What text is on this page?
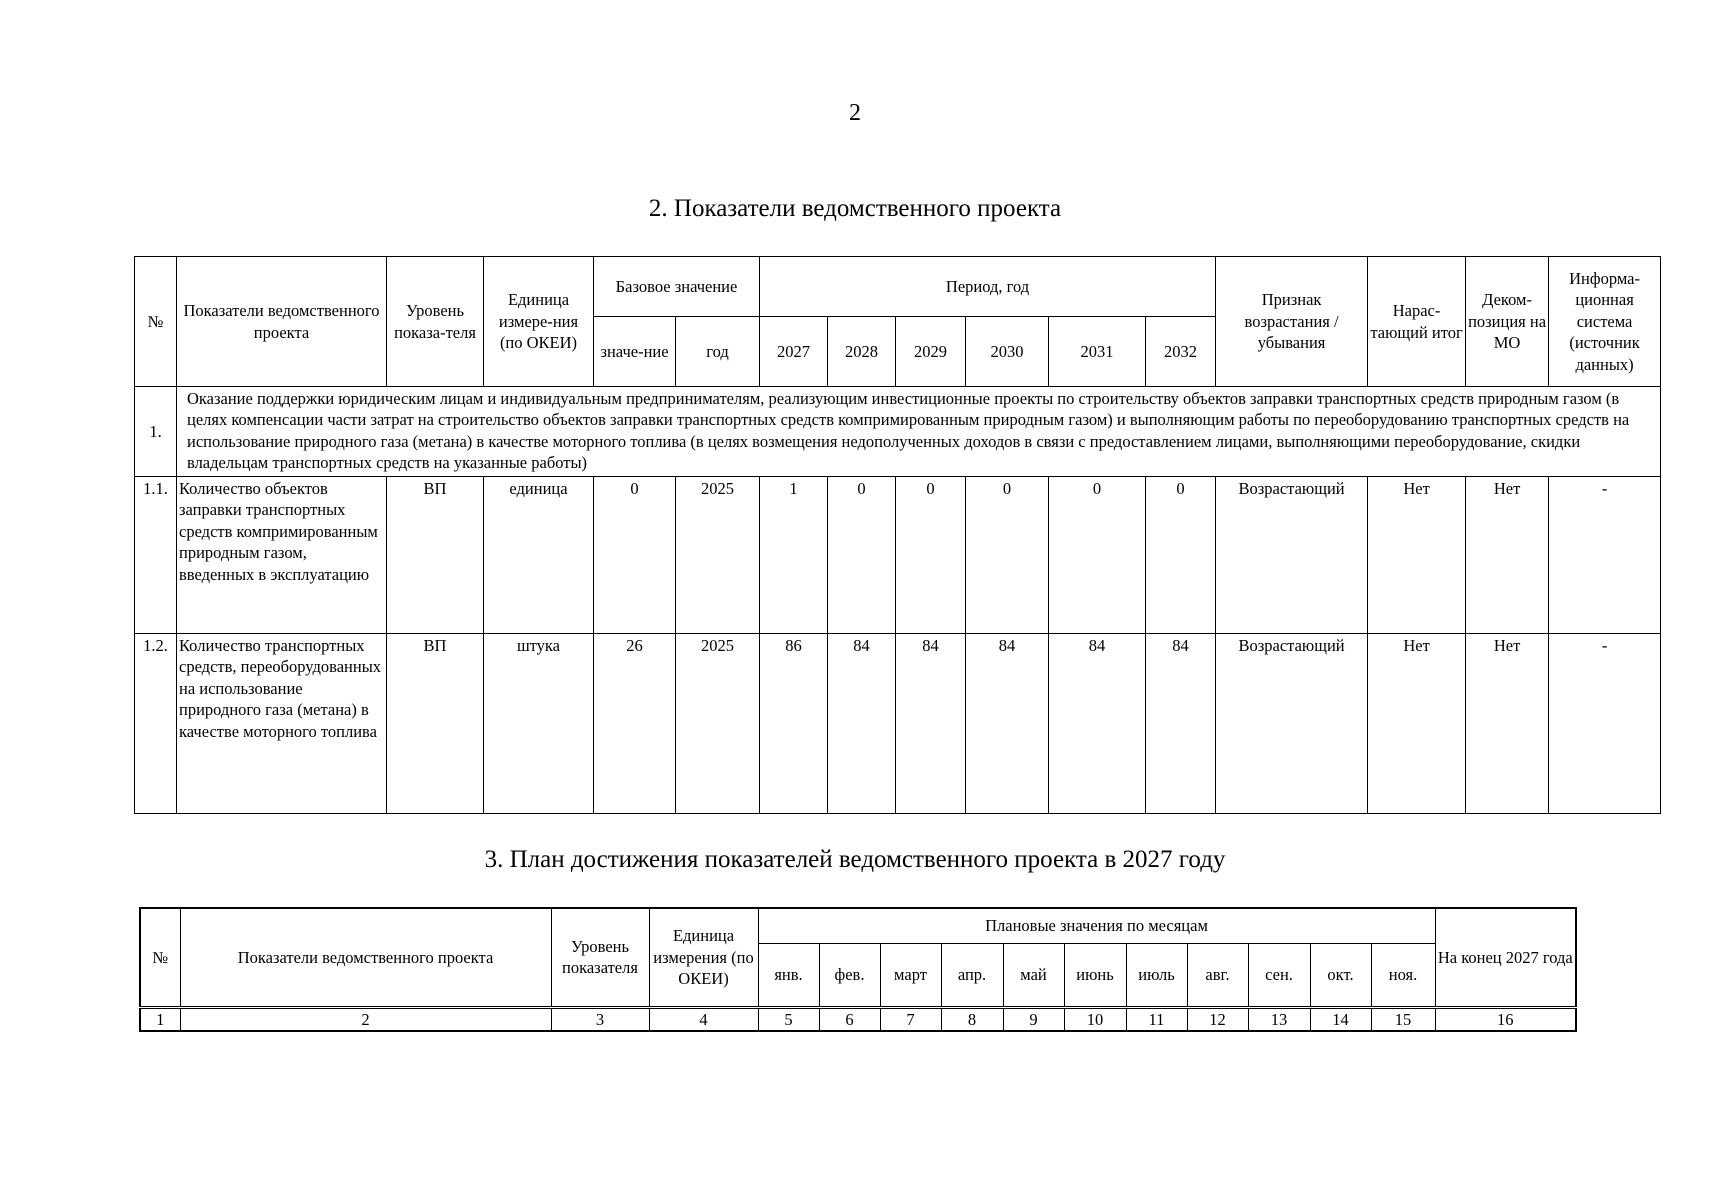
2
2. Показатели ведомственного проекта
№	Показатели ведомственного проекта	Уровень показа-теля	Единица измере-ния (по ОКЕИ)	Базовое значение		Период, год						Признак возрастания / убывания	Нарас-тающий итог	Деком-позиция на МО	Информа-ционная система (источник данных)
				значе-ние	год	2027	2028	2029	2030	2031	2032				
1.	Оказание поддержки юридическим лицам и индивидуальным предпринимателям, реализующим инвестиционные проекты по строительству объектов заправки транспортных средств природным газом (в целях компенсации части затрат на строительство объектов заправки транспортных средств компримированным природным газом) и выполняющим работы по переоборудованию транспортных средств на использование природного газа (метана) в качестве моторного топлива (в целях возмещения недополученных доходов в связи с предоставлением лицами, выполняющими переоборудование, скидки владельцам транспортных средств на указанные работы)														
1.1.	Количество объектов заправки транспортных средств компримированным природным газом, введенных в эксплуатацию	ВП	единица	0	2025	1	0	0	0	0	0	Возрастающий	Нет	Нет	-
1.2.	Количество транспортных средств, переоборудованных на использование природного газа (метана) в качестве моторного топлива	ВП	штука	26	2025	86	84	84	84	84	84	Возрастающий	Нет	Нет	-
3. План достижения показателей ведомственного проекта в 2027 году
№	Показатели ведомственного проекта	Уровень показателя	Единица измерения (по ОКЕИ)	Плановые значения по месяцам											На конец 2027 года
				янв.	фев.	март	апр.	май	июнь	июль	авг.	сен.	окт.	ноя.	
1	2	3	4	5	6	7	8	9	10	11	12	13	14	15	16
